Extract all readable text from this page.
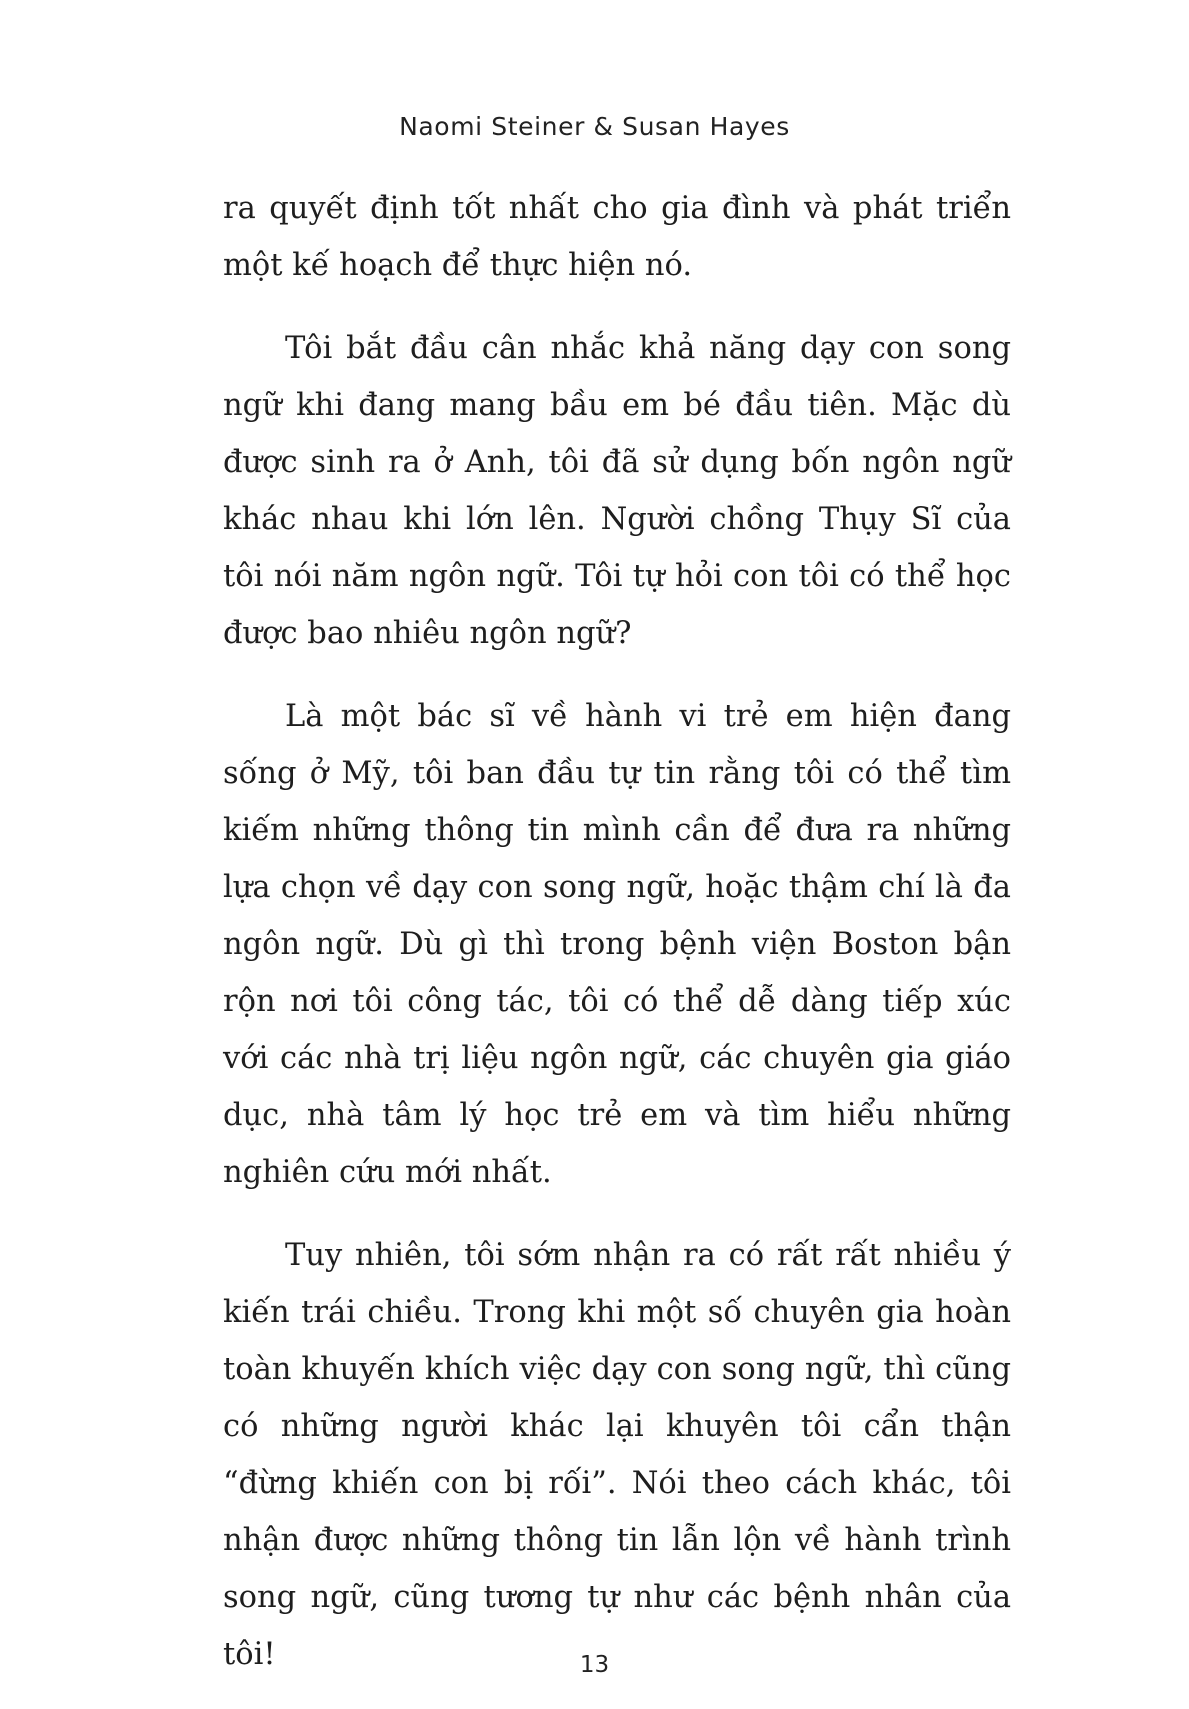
Naomi Steiner & Susan Hayes

ra quyết định tốt nhất cho gia đình và phát triển một kế hoạch để thực hiện nó.

Tôi bắt đầu cân nhắc khả năng dạy con song ngữ khi đang mang bầu em bé đầu tiên. Mặc dù được sinh ra ở Anh, tôi đã sử dụng bốn ngôn ngữ khác nhau khi lớn lên. Người chồng Thụy Sĩ của tôi nói năm ngôn ngữ. Tôi tự hỏi con tôi có thể học được bao nhiêu ngôn ngữ?

Là một bác sĩ về hành vi trẻ em hiện đang sống ở Mỹ, tôi ban đầu tự tin rằng tôi có thể tìm kiếm những thông tin mình cần để đưa ra những lựa chọn về dạy con song ngữ, hoặc thậm chí là đa ngôn ngữ. Dù gì thì trong bệnh viện Boston bận rộn nơi tôi công tác, tôi có thể dễ dàng tiếp xúc với các nhà trị liệu ngôn ngữ, các chuyên gia giáo dục, nhà tâm lý học trẻ em và tìm hiểu những nghiên cứu mới nhất.

Tuy nhiên, tôi sớm nhận ra có rất rất nhiều ý kiến trái chiều. Trong khi một số chuyên gia hoàn toàn khuyến khích việc dạy con song ngữ, thì cũng có những người khác lại khuyên tôi cẩn thận “đừng khiến con bị rối”. Nói theo cách khác, tôi nhận được những thông tin lẫn lộn về hành trình song ngữ, cũng tương tự như các bệnh nhân của tôi!	13
